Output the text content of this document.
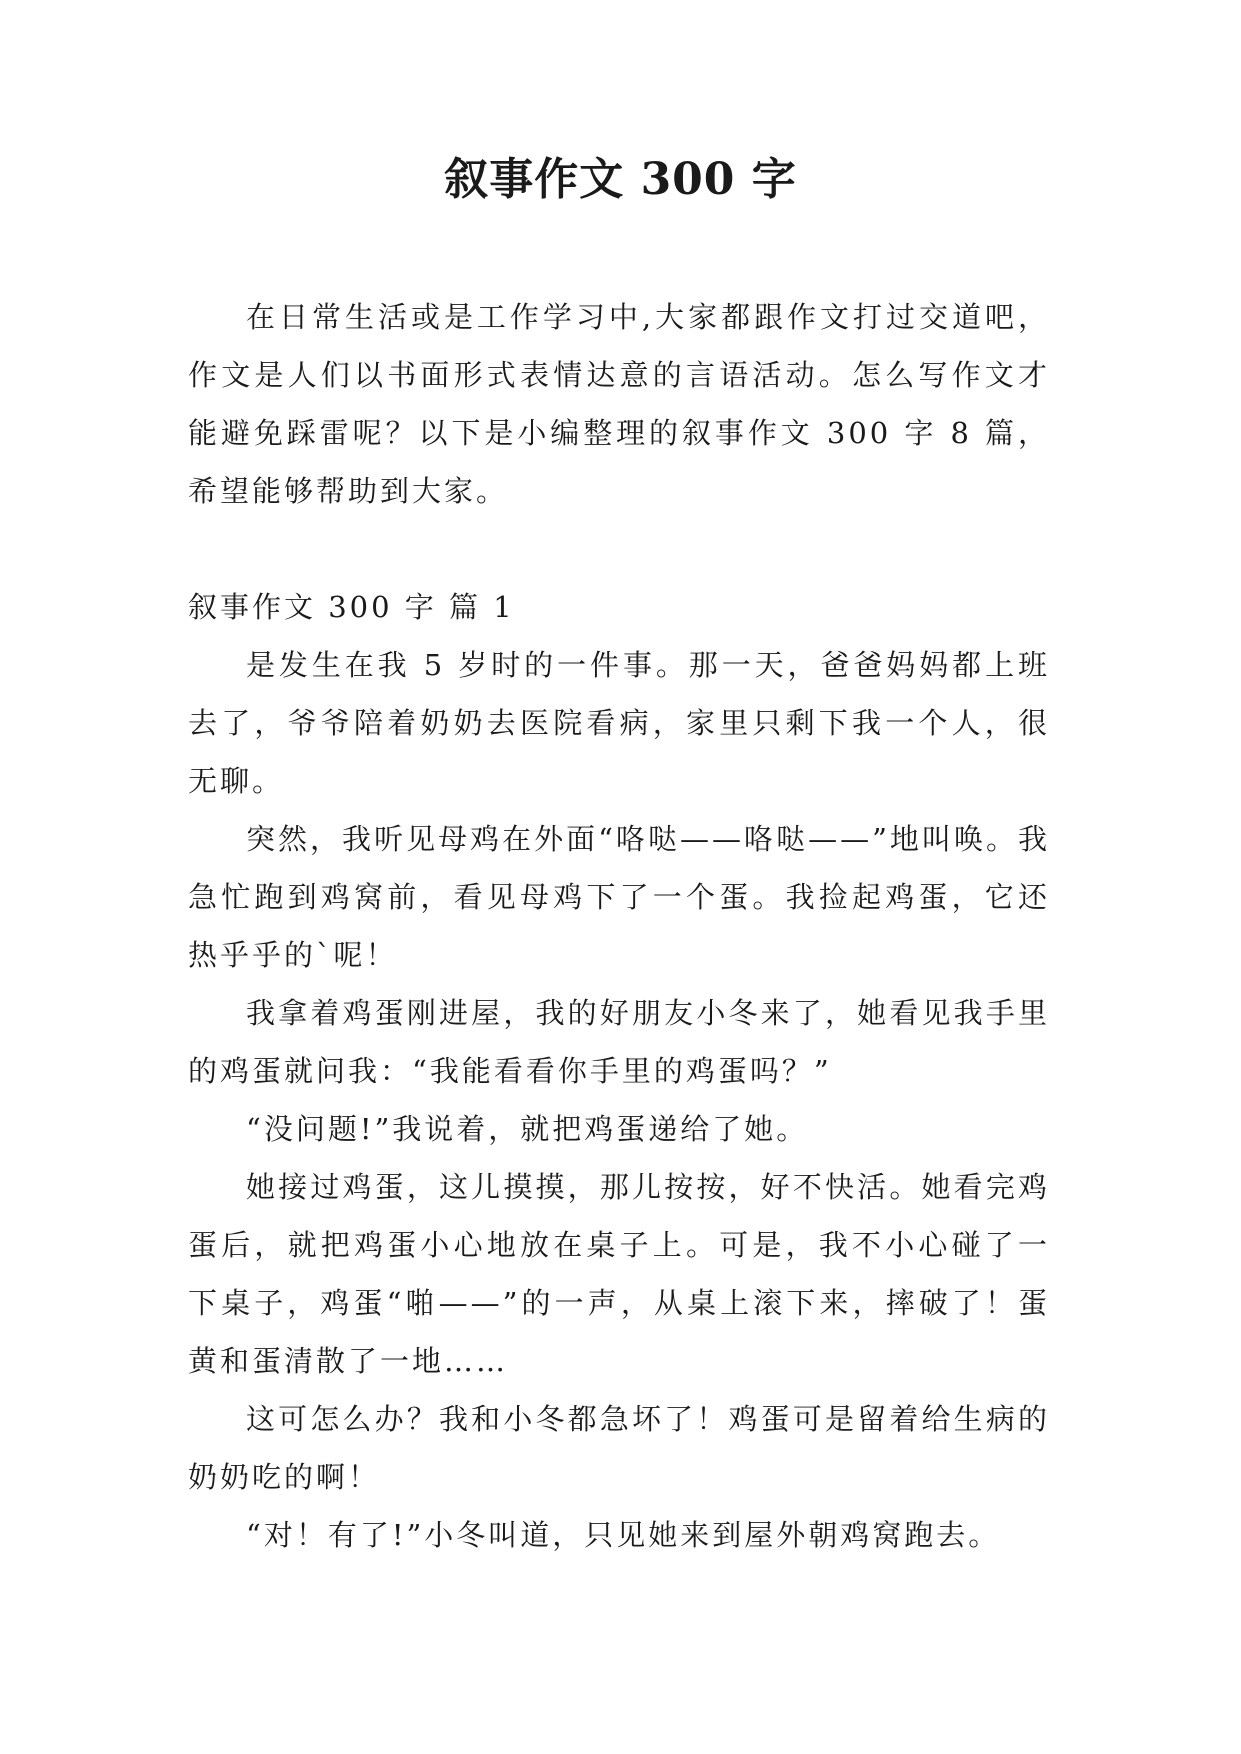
叙事作文 300 字

在日常生活或是工作学习中,大家都跟作文打过交道吧，作文是人们以书面形式表情达意的言语活动。怎么写作文才能避免踩雷呢？以下是小编整理的叙事作文 300 字 8 篇，希望能够帮助到大家。

叙事作文 300 字 篇 1

是发生在我 5 岁时的一件事。那一天，爸爸妈妈都上班去了，爷爷陪着奶奶去医院看病，家里只剩下我一个人，很无聊。

突然，我听见母鸡在外面“咯哒——咯哒——”地叫唤。我急忙跑到鸡窝前，看见母鸡下了一个蛋。我捡起鸡蛋，它还热乎乎的`呢！

我拿着鸡蛋刚进屋，我的好朋友小冬来了，她看见我手里的鸡蛋就问我：“我能看看你手里的鸡蛋吗？”

“没问题!”我说着，就把鸡蛋递给了她。

她接过鸡蛋，这儿摸摸，那儿按按，好不快活。她看完鸡蛋后，就把鸡蛋小心地放在桌子上。可是，我不小心碰了一下桌子，鸡蛋“啪——”的一声，从桌上滚下来，摔破了！蛋黄和蛋清散了一地……

这可怎么办？我和小冬都急坏了！鸡蛋可是留着给生病的奶奶吃的啊！

“对！有了!”小冬叫道，只见她来到屋外朝鸡窝跑去。
